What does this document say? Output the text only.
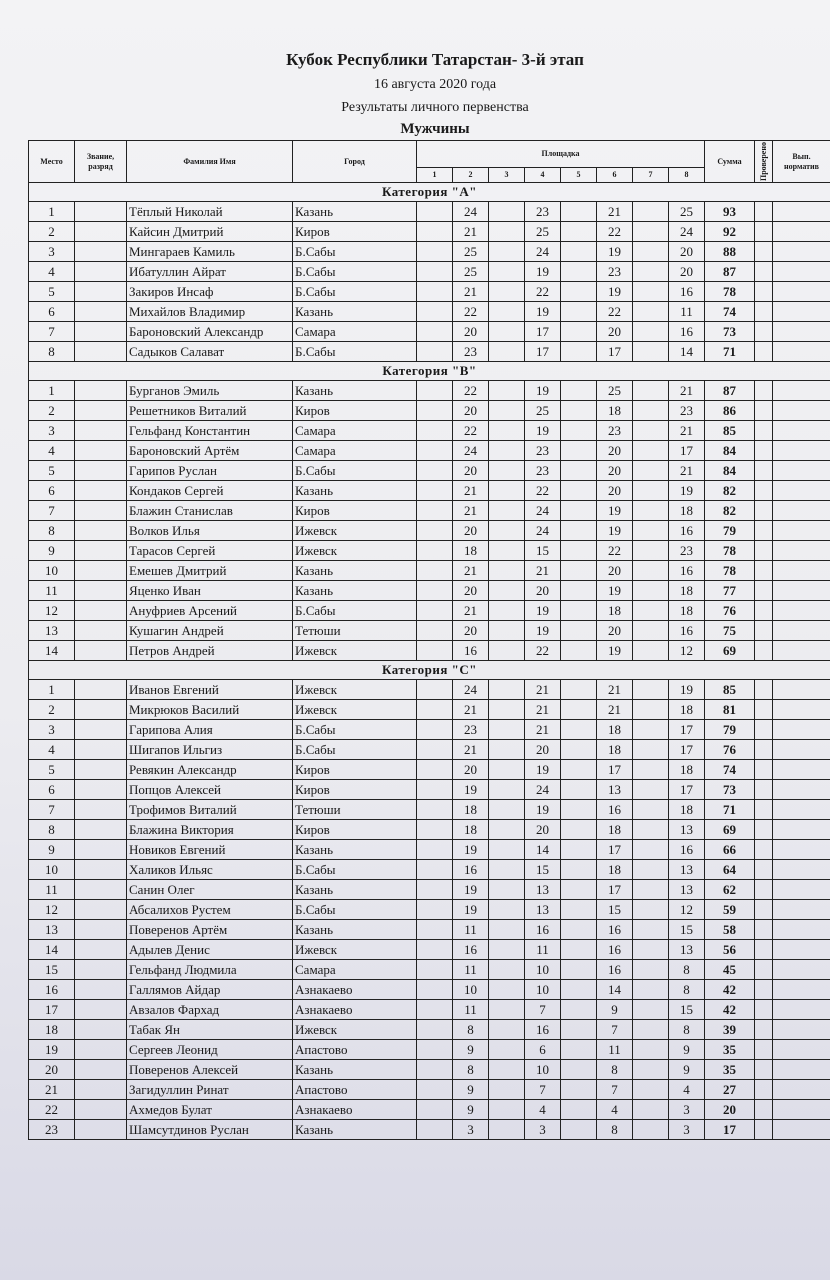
Кубок Республики Татарстан- 3-й этап
16 августа 2020 года
Результаты личного первенства
Мужчины
Место	Звание, разряд	Фамилия Имя	Город	Площадка								Сумма	Проверено	Вып. норматив
				1	2	3	4	5	6	7	8			
Категория "А"														
1		Тёплый Николай	Казань		24		23		21		25	93		
2		Кайсин Дмитрий	Киров		21		25		22		24	92		
3		Мингараев Камиль	Б.Сабы		25		24		19		20	88		
4		Ибатуллин Айрат	Б.Сабы		25		19		23		20	87		
5		Закиров Инсаф	Б.Сабы		21		22		19		16	78		
6		Михайлов Владимир	Казань		22		19		22		11	74		
7		Бароновский Александр	Самара		20		17		20		16	73		
8		Садыков Салават	Б.Сабы		23		17		17		14	71		
Категория "В"														
1		Бурганов Эмиль	Казань		22		19		25		21	87		
2		Решетников Виталий	Киров		20		25		18		23	86		
3		Гельфанд Константин	Самара		22		19		23		21	85		
4		Бароновский Артём	Самара		24		23		20		17	84		
5		Гарипов Руслан	Б.Сабы		20		23		20		21	84		
6		Кондаков Сергей	Казань		21		22		20		19	82		
7		Блажин Станислав	Киров		21		24		19		18	82		
8		Волков Илья	Ижевск		20		24		19		16	79		
9		Тарасов Сергей	Ижевск		18		15		22		23	78		
10		Емешев Дмитрий	Казань		21		21		20		16	78		
11		Яценко Иван	Казань		20		20		19		18	77		
12		Ануфриев Арсений	Б.Сабы		21		19		18		18	76		
13		Кушагин Андрей	Тетюши		20		19		20		16	75		
14		Петров Андрей	Ижевск		16		22		19		12	69		
Категория "С"														
1		Иванов Евгений	Ижевск		24		21		21		19	85		
2		Микрюков Василий	Ижевск		21		21		21		18	81		
3		Гарипова Алия	Б.Сабы		23		21		18		17	79		
4		Шигапов Ильгиз	Б.Сабы		21		20		18		17	76		
5		Ревякин Александр	Киров		20		19		17		18	74		
6		Попцов Алексей	Киров		19		24		13		17	73		
7		Трофимов Виталий	Тетюши		18		19		16		18	71		
8		Блажина Виктория	Киров		18		20		18		13	69		
9		Новиков Евгений	Казань		19		14		17		16	66		
10		Халиков Ильяс	Б.Сабы		16		15		18		13	64		
11		Санин Олег	Казань		19		13		17		13	62		
12		Абсалихов Рустем	Б.Сабы		19		13		15		12	59		
13		Поверенов Артём	Казань		11		16		16		15	58		
14		Адылев Денис	Ижевск		16		11		16		13	56		
15		Гельфанд Людмила	Самара		11		10		16		8	45		
16		Галлямов Айдар	Азнакаево		10		10		14		8	42		
17		Авзалов Фархад	Азнакаево		11		7		9		15	42		
18		Табак Ян	Ижевск		8		16		7		8	39		
19		Сергеев Леонид	Апастово		9		6		11		9	35		
20		Поверенов Алексей	Казань		8		10		8		9	35		
21		Загидуллин Ринат	Апастово		9		7		7		4	27		
22		Ахмедов Булат	Азнакаево		9		4		4		3	20		
23		Шамсутдинов Руслан	Казань		3		3		8		3	17		
